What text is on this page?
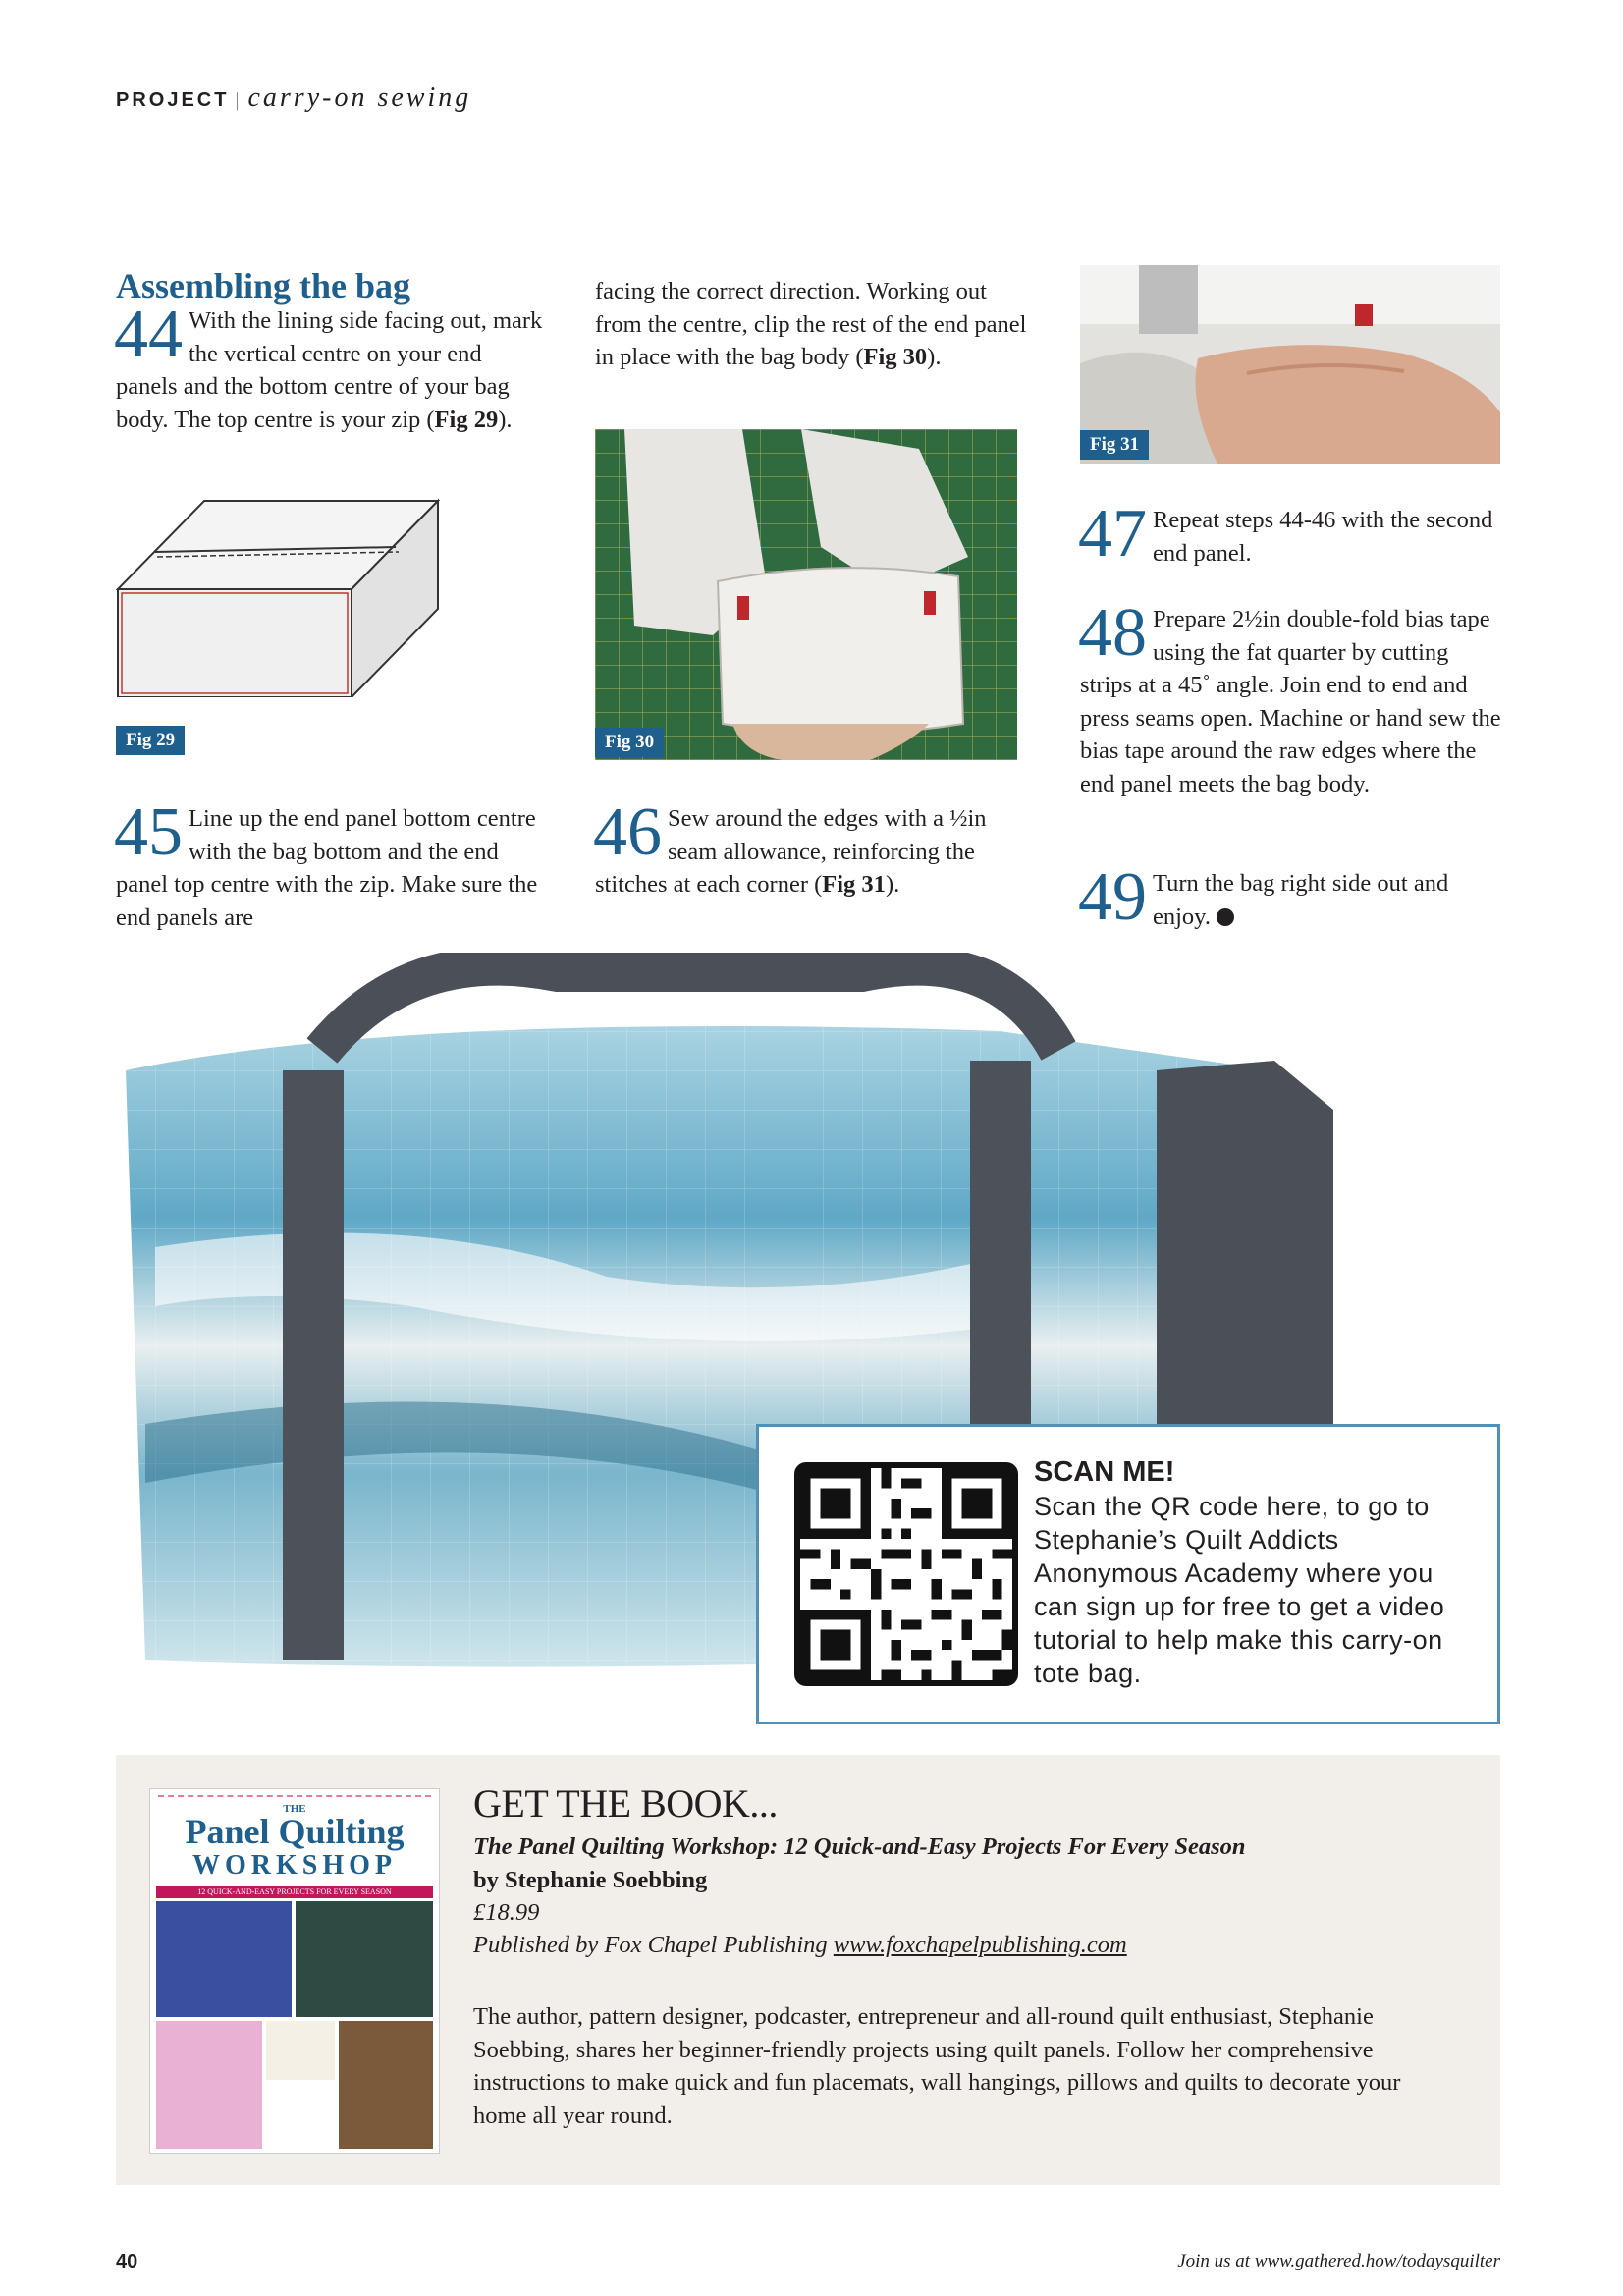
PROJECT | carry-on sewing
Assembling the bag
44 With the lining side facing out, mark the vertical centre on your end panels and the bottom centre of your bag body. The top centre is your zip (Fig 29).
Fig 29
45 Line up the end panel bottom centre with the bag bottom and the end panel top centre with the zip. Make sure the end panels are
facing the correct direction. Working out from the centre, clip the rest of the end panel in place with the bag body (Fig 30).
Fig 30
46 Sew around the edges with a ½in seam allowance, reinforcing the stitches at each corner (Fig 31).
Fig 31
47 Repeat steps 44-46 with the second end panel.
48 Prepare 2½in double-fold bias tape using the fat quarter by cutting strips at a 45˚ angle. Join end to end and press seams open. Machine or hand sew the bias tape around the raw edges where the end panel meets the bag body.
49 Turn the bag right side out and enjoy.
SCAN ME!
Scan the QR code here, to go to Stephanie’s Quilt Addicts Anonymous Academy where you can sign up for free to get a video tutorial to help make this carry-on tote bag.
THE
Panel Quilting
WORKSHOP
12 QUICK-AND-EASY PROJECTS FOR EVERY SEASON
GET THE BOOK...
The Panel Quilting Workshop: 12 Quick-and-Easy Projects For Every Season
by Stephanie Soebbing
£18.99
Published by Fox Chapel Publishing www.foxchapelpublishing.com
The author, pattern designer, podcaster, entrepreneur and all-round quilt enthusiast, Stephanie Soebbing, shares her beginner-friendly projects using quilt panels. Follow her comprehensive instructions to make quick and fun placemats, wall hangings, pillows and quilts to decorate your home all year round.
40	Join us at www.gathered.how/todaysquilter
